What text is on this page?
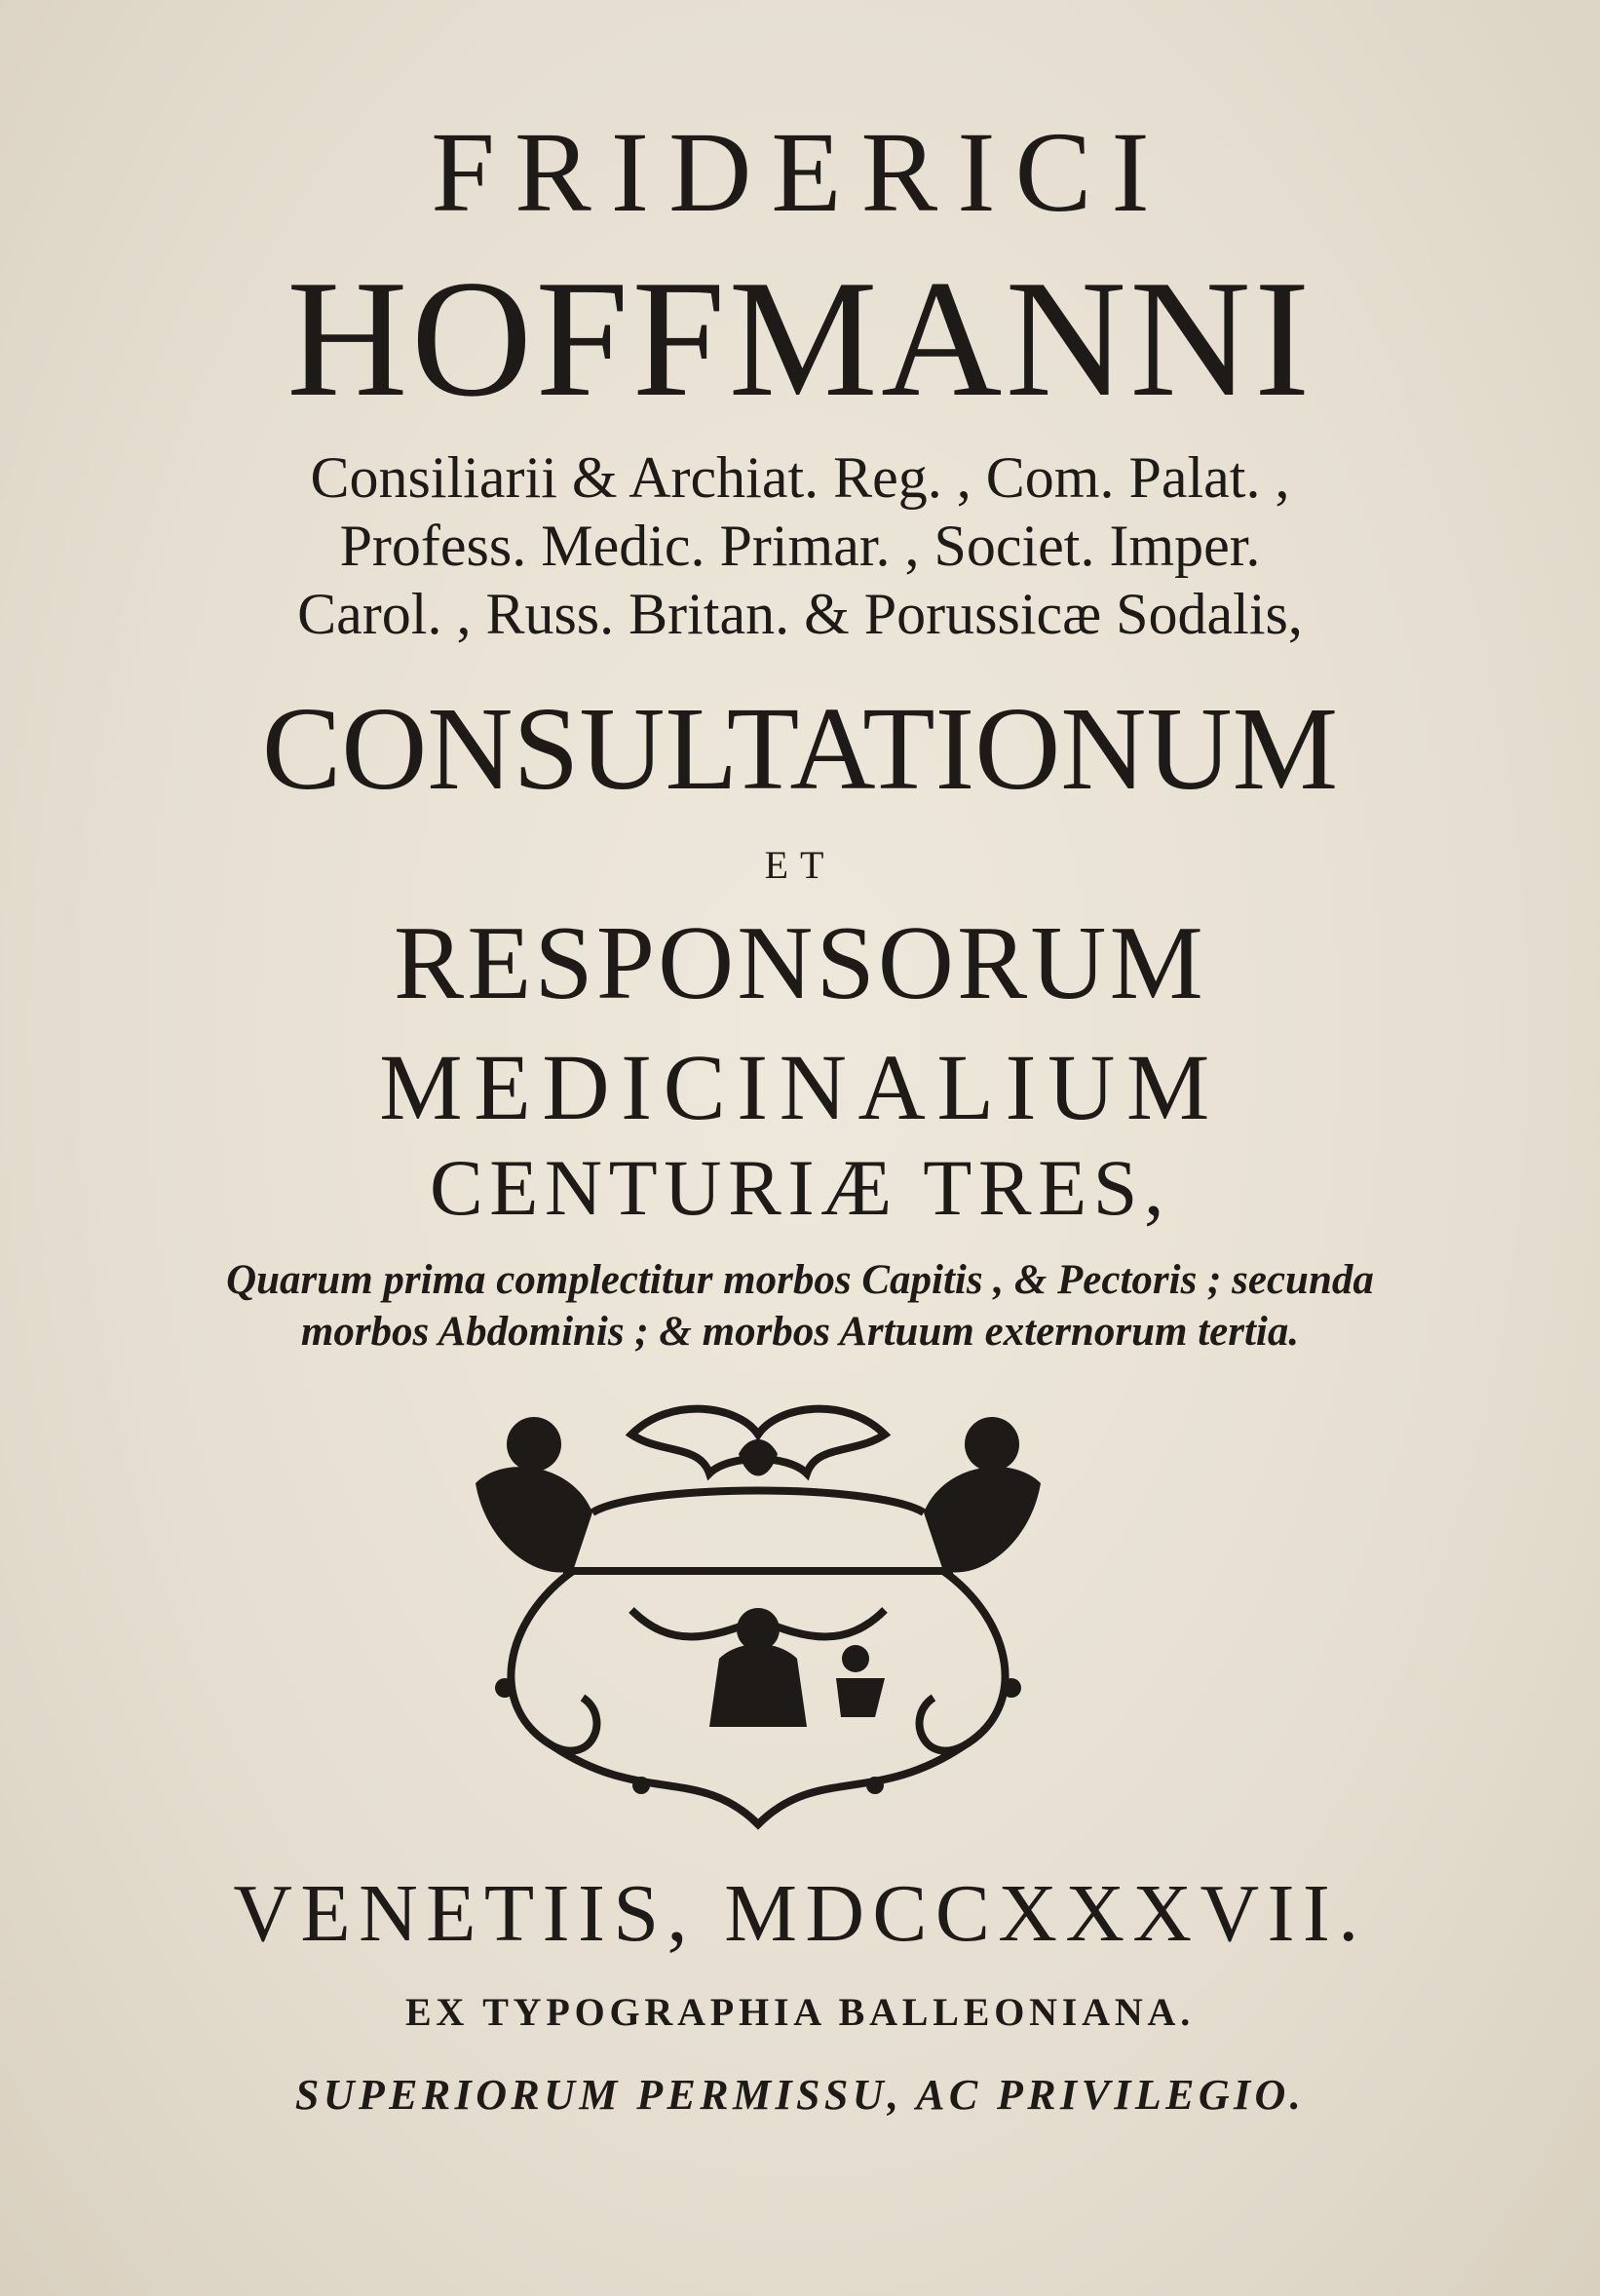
FRIDERICI
HOFFMANNI
Consiliarii & Archiat. Reg. , Com. Palat. ,
Profess. Medic. Primar. , Societ. Imper.
Carol. , Russ. Britan. & Porussicæ Sodalis,
CONSULTATIONUM
ET
RESPONSORUM
MEDICINALIUM
CENTURIÆ TRES,
Quarum prima complectitur morbos Capitis , & Pectoris ; secunda
morbos Abdominis ; & morbos Artuum externorum tertia.
VENETIIS, MDCCXXXVII.
EX TYPOGRAPHIA BALLEONIANA.
SUPERIORUM PERMISSU, AC PRIVILEGIO.
